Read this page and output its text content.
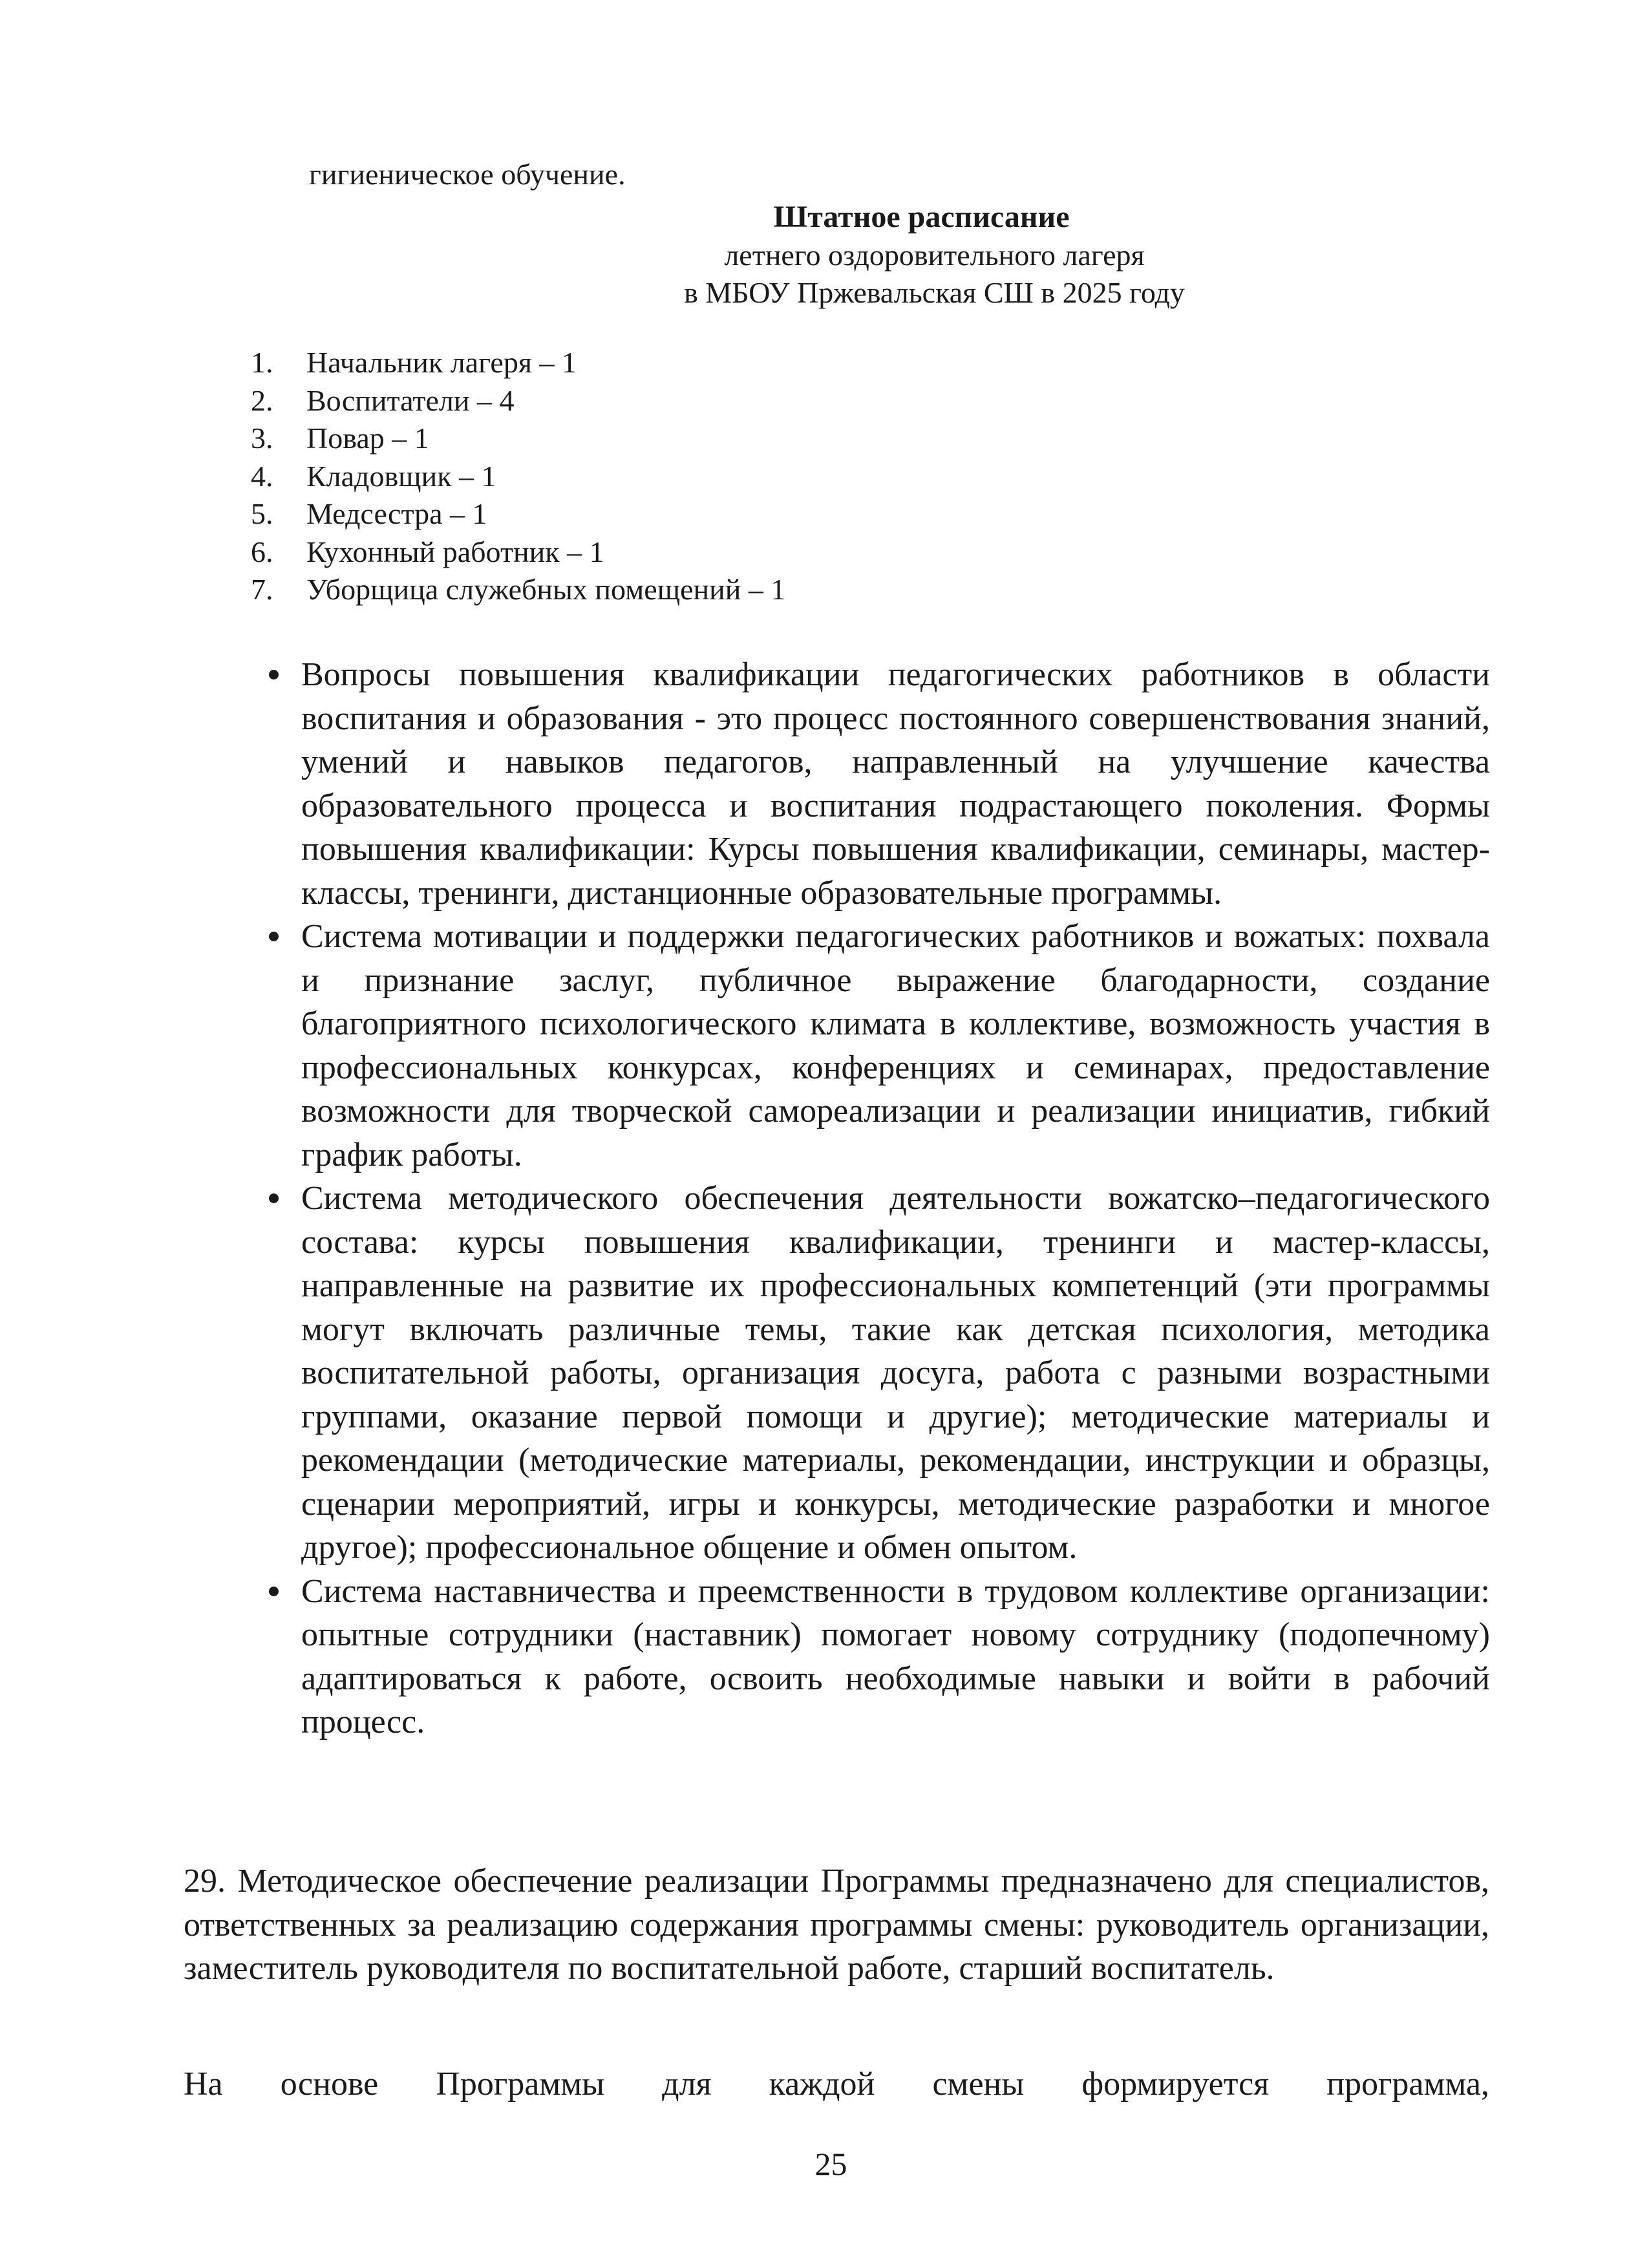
гигиеническое обучение.
Штатное расписание
летнего оздоровительного лагеря
в МБОУ Пржевальская СШ в 2025 году
1. Начальник лагеря – 1
2. Воспитатели – 4
3. Повар – 1
4. Кладовщик – 1
5. Медсестра – 1
6. Кухонный работник – 1
7. Уборщица служебных помещений – 1
Вопросы повышения квалификации педагогических работников в области воспитания и образования - это процесс постоянного совершенствования знаний, умений и навыков педагогов, направленный на улучшение качества образовательного процесса и воспитания подрастающего поколения. Формы повышения квалификации: Курсы повышения квалификации, семинары, мастер-классы, тренинги, дистанционные образовательные программы.
Система мотивации и поддержки педагогических работников и вожатых: похвала и признание заслуг, публичное выражение благодарности, создание благоприятного психологического климата в коллективе, возможность участия в профессиональных конкурсах, конференциях и семинарах, предоставление возможности для творческой самореализации и реализации инициатив, гибкий график работы.
Система методического обеспечения деятельности вожатско–педагогического состава: курсы повышения квалификации, тренинги и мастер-классы, направленные на развитие их профессиональных компетенций (эти программы могут включать различные темы, такие как детская психология, методика воспитательной работы, организация досуга, работа с разными возрастными группами, оказание первой помощи и другие); методические материалы и рекомендации (методические материалы, рекомендации, инструкции и образцы, сценарии мероприятий, игры и конкурсы, методические разработки и многое другое); профессиональное общение и обмен опытом.
Система наставничества и преемственности в трудовом коллективе организации: опытные сотрудники (наставник) помогает новому сотруднику (подопечному) адаптироваться к работе, освоить необходимые навыки и войти в рабочий процесс.
29. Методическое обеспечение реализации Программы предназначено для специалистов, ответственных за реализацию содержания программы смены: руководитель организации, заместитель руководителя по воспитательной работе, старший воспитатель.
На основе Программы для каждой смены формируется программа,
25
